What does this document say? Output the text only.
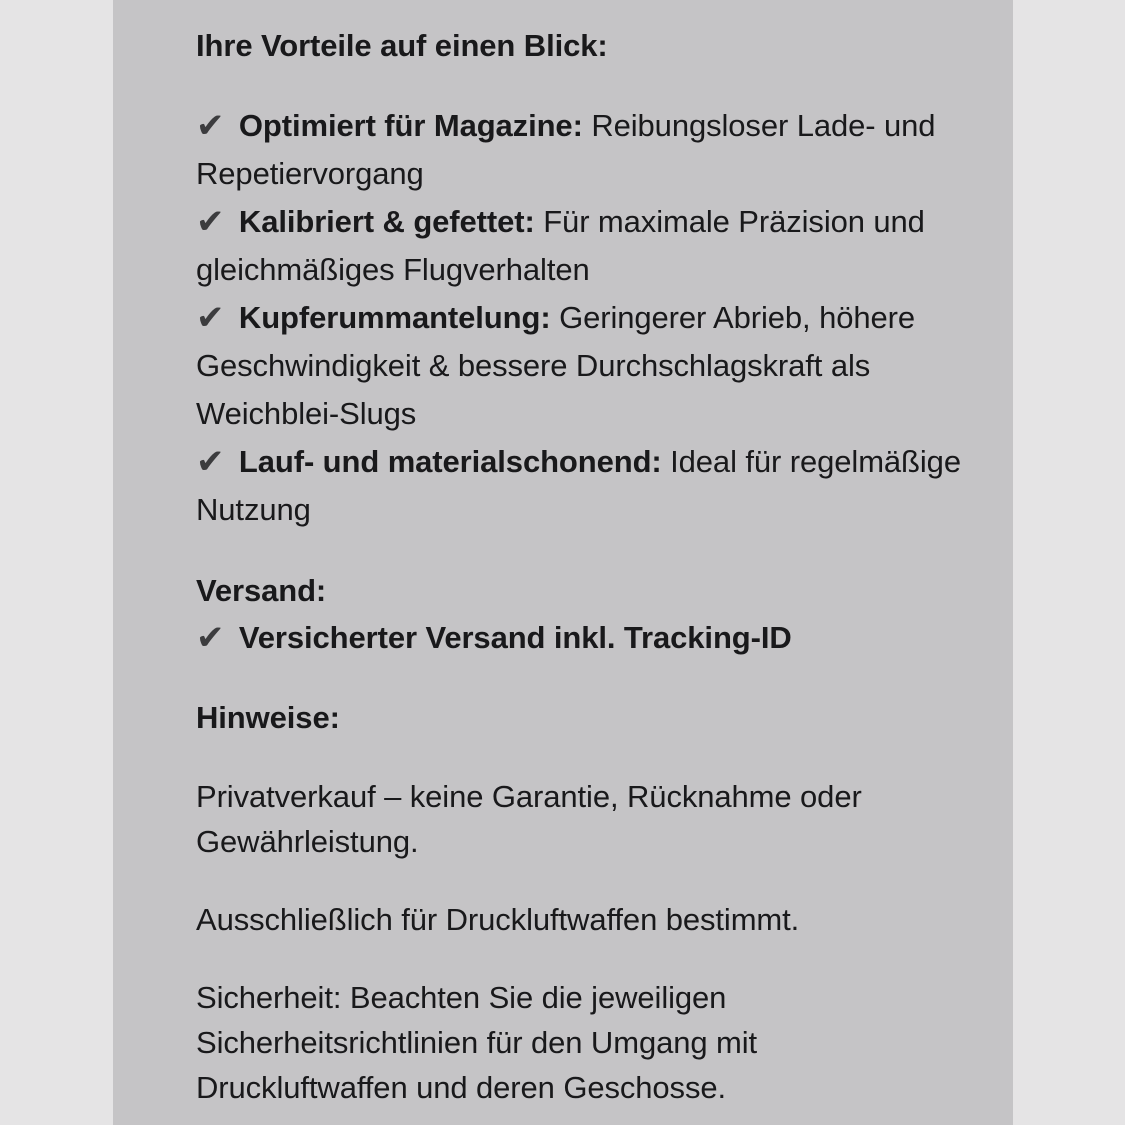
Ihre Vorteile auf einen Blick:

✔ Optimiert für Magazine: Reibungsloser Lade- und Repetiervorgang

✔ Kalibriert & gefettet: Für maximale Präzision und gleichmäßiges Flugverhalten

✔ Kupferummantelung: Geringerer Abrieb, höhere Geschwindigkeit & bessere Durchschlagskraft als Weichblei-Slugs

✔ Lauf- und materialschonend: Ideal für regelmäßige Nutzung

Versand:

✔ Versicherter Versand inkl. Tracking-ID

Hinweise:

Privatverkauf – keine Garantie, Rücknahme oder Gewährleistung.

Ausschließlich für Druckluftwaffen bestimmt.

Sicherheit: Beachten Sie die jeweiligen Sicherheitsrichtlinien für den Umgang mit Druckluftwaffen und deren Geschosse.
